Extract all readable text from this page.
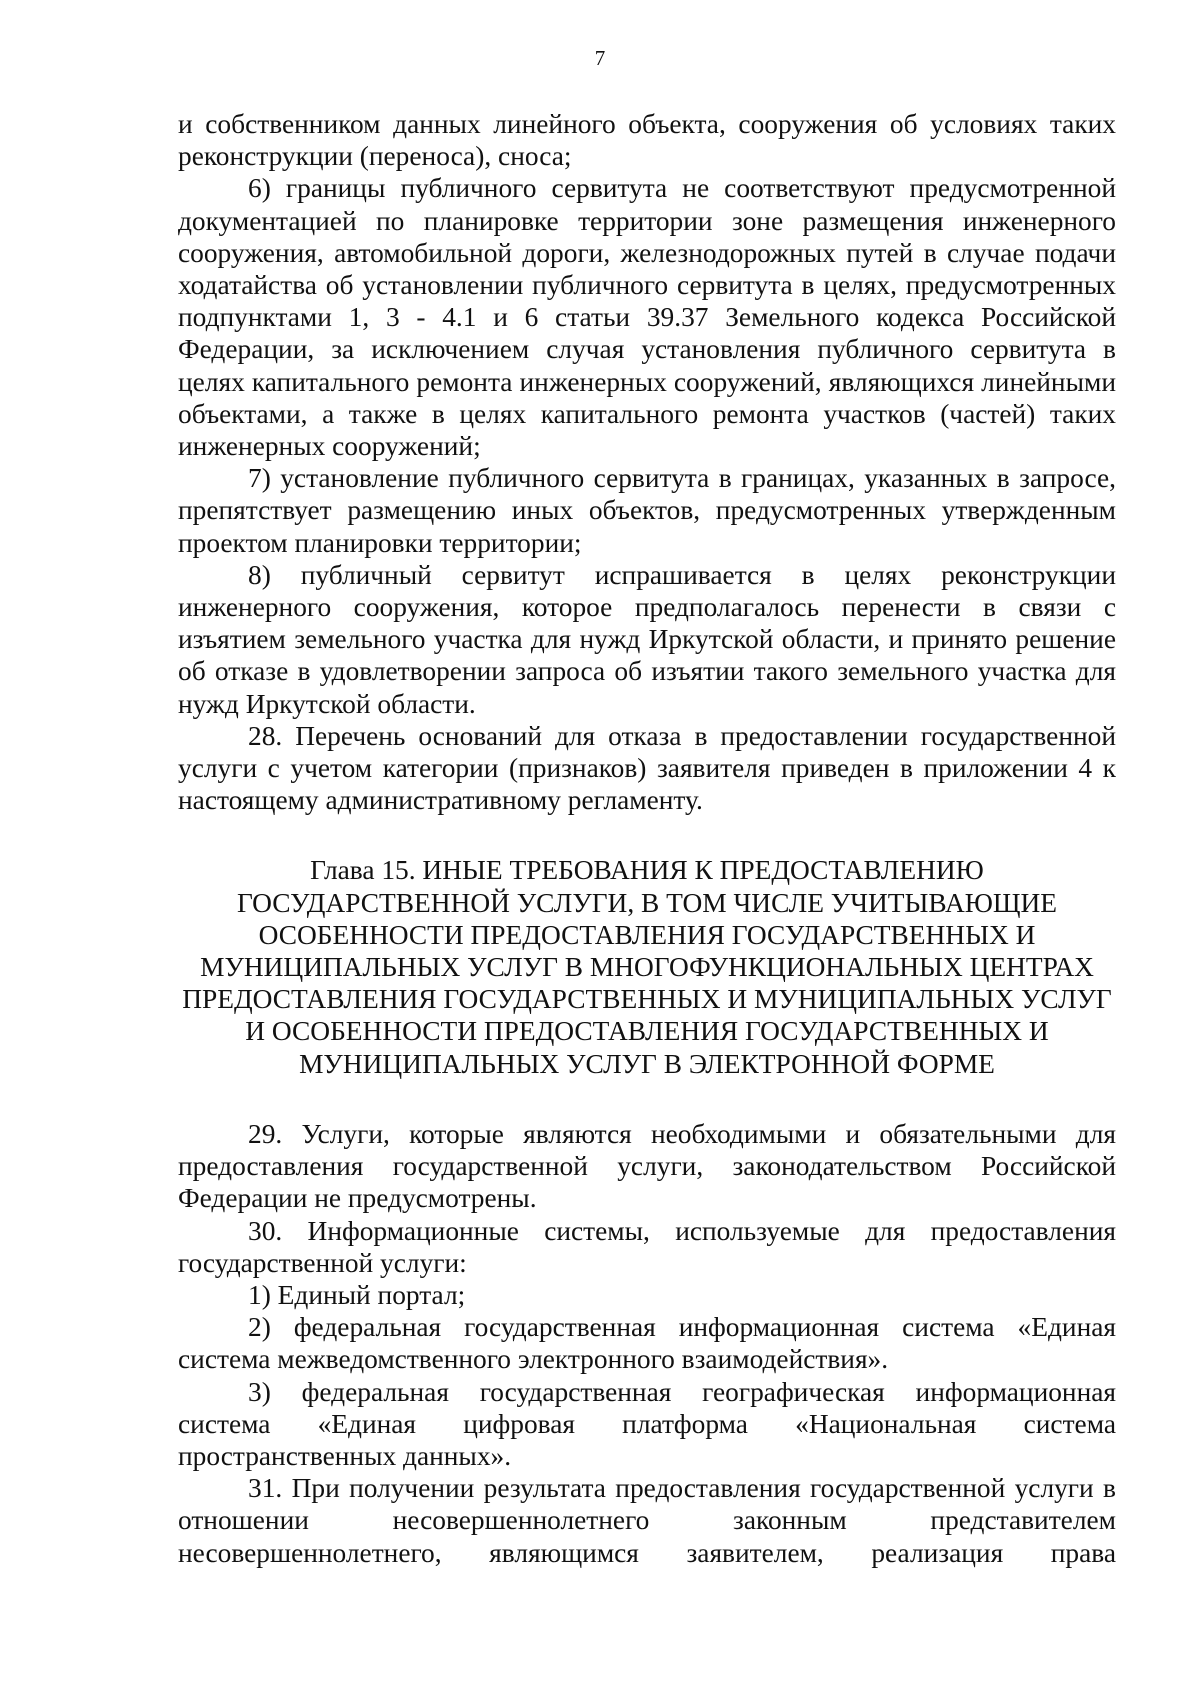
7

и собственником данных линейного объекта, сооружения об условиях таких реконструкции (переноса), сноса;

6) границы публичного сервитута не соответствуют предусмотренной документацией по планировке территории зоне размещения инженерного сооружения, автомобильной дороги, железнодорожных путей в случае подачи ходатайства об установлении публичного сервитута в целях, предусмотренных подпунктами 1, 3 - 4.1 и 6 статьи 39.37 Земельного кодекса Российской Федерации, за исключением случая установления публичного сервитута в целях капитального ремонта инженерных сооружений, являющихся линейными объектами, а также в целях капитального ремонта участков (частей) таких инженерных сооружений;

7) установление публичного сервитута в границах, указанных в запросе, препятствует размещению иных объектов, предусмотренных утвержденным проектом планировки территории;

8) публичный сервитут испрашивается в целях реконструкции инженерного сооружения, которое предполагалось перенести в связи с изъятием земельного участка для нужд Иркутской области, и принято решение об отказе в удовлетворении запроса об изъятии такого земельного участка для нужд Иркутской области.

28. Перечень оснований для отказа в предоставлении государственной услуги с учетом категории (признаков) заявителя приведен в приложении 4 к настоящему административному регламенту.

Глава 15. ИНЫЕ ТРЕБОВАНИЯ К ПРЕДОСТАВЛЕНИЮ ГОСУДАРСТВЕННОЙ УСЛУГИ, В ТОМ ЧИСЛЕ УЧИТЫВАЮЩИЕ ОСОБЕННОСТИ ПРЕДОСТАВЛЕНИЯ ГОСУДАРСТВЕННЫХ И МУНИЦИПАЛЬНЫХ УСЛУГ В МНОГОФУНКЦИОНАЛЬНЫХ ЦЕНТРАХ ПРЕДОСТАВЛЕНИЯ ГОСУДАРСТВЕННЫХ И МУНИЦИПАЛЬНЫХ УСЛУГ И ОСОБЕННОСТИ ПРЕДОСТАВЛЕНИЯ ГОСУДАРСТВЕННЫХ И МУНИЦИПАЛЬНЫХ УСЛУГ В ЭЛЕКТРОННОЙ ФОРМЕ

29. Услуги, которые являются необходимыми и обязательными для предоставления государственной услуги, законодательством Российской Федерации не предусмотрены.

30. Информационные системы, используемые для предоставления государственной услуги:

1) Единый портал;

2) федеральная государственная информационная система «Единая система межведомственного электронного взаимодействия».

3) федеральная государственная географическая информационная система «Единая цифровая платформа «Национальная система пространственных данных».

31. При получении результата предоставления государственной услуги в отношении несовершеннолетнего законным представителем несовершеннолетнего, являющимся заявителем, реализация права
